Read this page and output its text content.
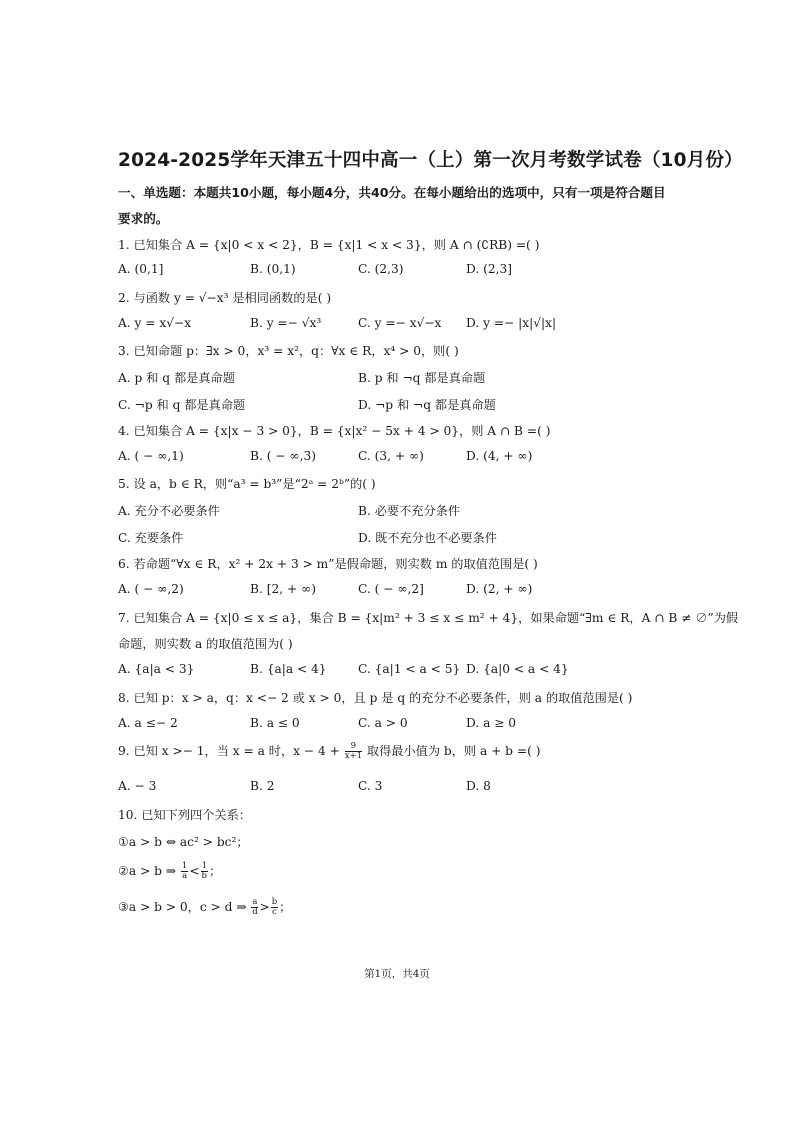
2024-2025学年天津五十四中高一（上）第一次月考数学试卷（10月份）
一、单选题：本题共10小题，每小题4分，共40分。在每小题给出的选项中，只有一项是符合题目要求的。
1. 已知集合 A = {x|0 < x < 2}，B = {x|1 < x < 3}，则 A ∩ (∁RB) =( )
A. (0,1]	B. (0,1)	C. (2,3)	D. (2,3]
2. 与函数 y = √−x³ 是相同函数的是( )
A. y = x√−x	B. y =− √x³	C. y =− x√−x D. y =− |x|√|x|
3. 已知命题 p：∃x > 0，x³ = x²，q：∀x ∈ R，x⁴ > 0，则( )
A. p 和 q 都是真命题	B. p 和 ¬q 都是真命题
C. ¬p 和 q 都是真命题	D. ¬p 和 ¬q 都是真命题
4. 已知集合 A = {x|x − 3 > 0}，B = {x|x² − 5x + 4 > 0}，则 A ∩ B =( )
A. ( − ∞,1)	B. ( − ∞,3)	C. (3, + ∞)	D. (4, + ∞)
5. 设 a，b ∈ R，则“a³ = b³”是“2ᵃ = 2ᵇ”的( )
A. 充分不必要条件	B. 必要不充分条件
C. 充要条件	D. 既不充分也不必要条件
6. 若命题“∀x ∈ R，x² + 2x + 3 > m”是假命题，则实数 m 的取值范围是( )
A. ( − ∞,2)	B. [2, + ∞)	C. ( − ∞,2]	D. (2, + ∞)
7. 已知集合 A = {x|0 ≤ x ≤ a}，集合 B = {x|m² + 3 ≤ x ≤ m² + 4}，如果命题“∃m ∈ R，A ∩ B ≠ ∅”为假
命题，则实数 a 的取值范围为( )
A. {a|a < 3}	B. {a|a < 4}	C. {a|1 < a < 5} D. {a|0 < a < 4}
8. 已知 p：x > a，q：x <− 2 或 x > 0，且 p 是 q 的充分不必要条件，则 a 的取值范围是( )
A. a ≤− 2	B. a ≤ 0	C. a > 0	D. a ≥ 0
9. 已知 x >− 1，当 x = a 时，$x - 4 + \frac{9}{x+1}$ 取得最小值为 b，则 a + b =( )
A. − 3	B. 2	C. 3	D. 8
10. 已知下列四个关系：
①a > b ⇔ ac² > bc²；
②a > b ⇒ $\frac{1}{a} < \frac{1}{b}$ ；
③a > b > 0，c > d ⇒ $\frac{a}{d} > \frac{b}{c}$ ；
第1页，共4页
